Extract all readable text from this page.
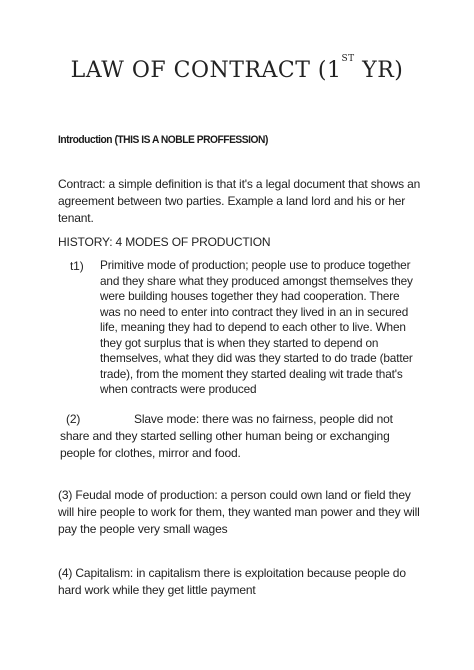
LAW OF CONTRACT (1ST YR)
Introduction (THIS IS A NOBLE PROFFESSION)
Contract: a simple definition is that it's a legal document that shows an agreement between two parties. Example a land lord and his or her tenant.
HISTORY: 4 MODES OF PRODUCTION
t1) Primitive mode of production; people use to produce together and they share what they produced amongst themselves they were building houses together they had cooperation. There was no need to enter into contract they lived in an in secured life, meaning they had to depend to each other to live. When they got surplus that is when they started to depend on themselves, what they did was they started to do trade (batter trade), from the moment they started dealing wit trade that's when contracts were produced
(2)	Slave mode: there was no fairness, people did not share and they started selling other human being or exchanging people for clothes, mirror and food.
(3) Feudal mode of production: a person could own land or field they will hire people to work for them, they wanted man power and they will pay the people very small wages
(4) Capitalism: in capitalism there is exploitation because people do hard work while they get little payment
